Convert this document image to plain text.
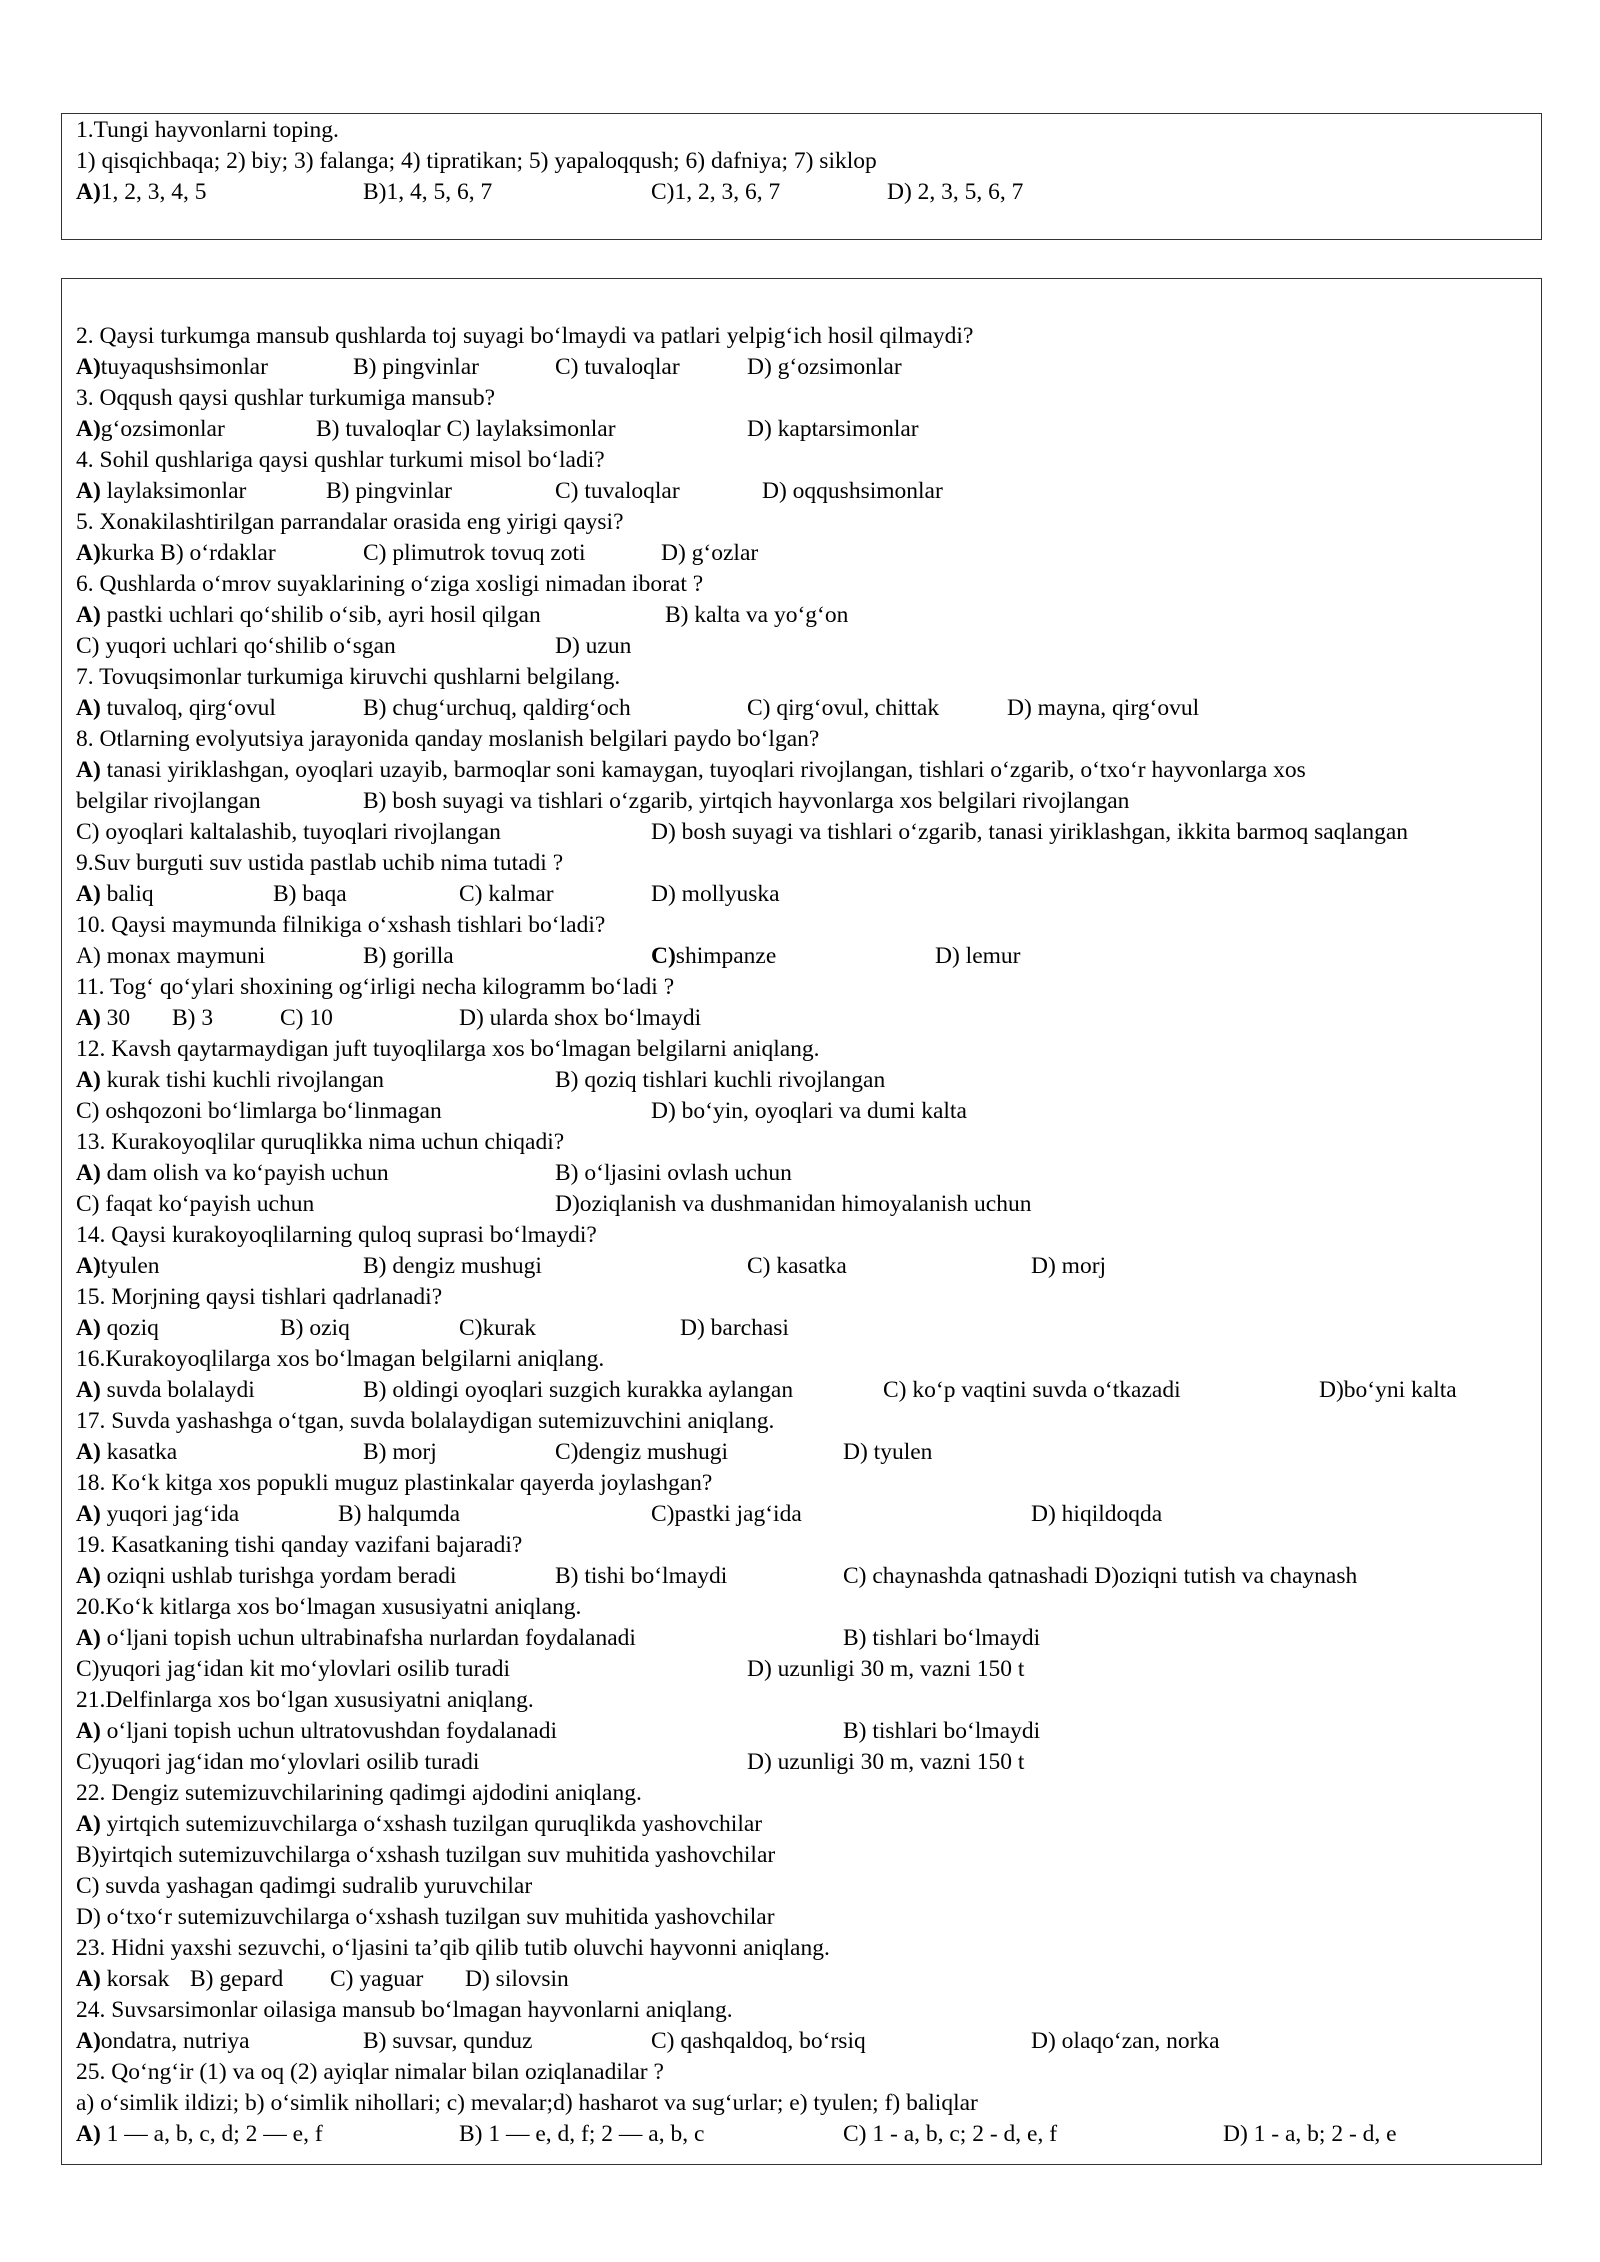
1.Tungi hayvonlarni toping.
1) qisqichbaqa; 2) biy; 3) falanga; 4) tipratikan; 5) yapaloqqush; 6) dafniya; 7) siklop
A)1, 2, 3, 4, 5	B)1, 4, 5, 6, 7	C)1, 2, 3, 6, 7	D) 2, 3, 5, 6, 7
2. Qaysi turkumga mansub qushlarda toj suyagi bo‘lmaydi va patlari yelpig‘ich hosil qilmaydi?
A)tuyaqushsimonlar	B) pingvinlar	C) tuvaloqlar	D) g‘ozsimonlar
3. Oqqush qaysi qushlar turkumiga mansub?
A)g‘ozsimonlar	B) tuvaloqlar C) laylaksimonlar	D) kaptarsimonlar
4. Sohil qushlariga qaysi qushlar turkumi misol bo‘ladi?
A) laylaksimonlar	B) pingvinlar	C) tuvaloqlar	D) oqqushsimonlar
5. Xonakilashtirilgan parrandalar orasida eng yirigi qaysi?
A)kurka B) o‘rdaklar	C) plimutrok tovuq zoti	D) g‘ozlar
6. Qushlarda o‘mrov suyaklarining o‘ziga xosligi nimadan iborat ?
A) pastki uchlari qo‘shilib o‘sib, ayri hosil qilgan	B) kalta va yo‘g‘on
C) yuqori uchlari qo‘shilib o‘sgan	D) uzun
7. Tovuqsimonlar turkumiga kiruvchi qushlarni belgilang.
A) tuvaloq, qirg‘ovul	B) chug‘urchuq, qaldirg‘och	C) qirg‘ovul, chittak	D) mayna, qirg‘ovul
8. Otlarning evolyutsiya jarayonida qanday moslanish belgilari paydo bo‘lgan?
A) tanasi yiriklashgan, oyoqlari uzayib, barmoqlar soni kamaygan, tuyoqlari rivojlangan, tishlari o‘zgarib, o‘txo‘r hayvonlarga xos
belgilar rivojlangan	B) bosh suyagi va tishlari o‘zgarib, yirtqich hayvonlarga xos belgilari rivojlangan
C) oyoqlari kaltalashib, tuyoqlari rivojlangan	D) bosh suyagi va tishlari o‘zgarib, tanasi yiriklashgan, ikkita barmoq saqlangan
9.Suv burguti suv ustida pastlab uchib nima tutadi ?
A) baliq	B) baqa	C) kalmar	D) mollyuska
10. Qaysi maymunda filnikiga o‘xshash tishlari bo‘ladi?
A) monax maymuni	B) gorilla	C)shimpanze	D) lemur
11. Tog‘ qo‘ylari shoxining og‘irligi necha kilogramm bo‘ladi ?
A) 30 B) 3	C) 10	D) ularda shox bo‘lmaydi
12. Kavsh qaytarmaydigan juft tuyoqlilarga xos bo‘lmagan belgilarni aniqlang.
A) kurak tishi kuchli rivojlangan	B) qoziq tishlari kuchli rivojlangan
C) oshqozoni bo‘limlarga bo‘linmagan	D) bo‘yin, oyoqlari va dumi kalta
13. Kurakoyoqlilar quruqlikka nima uchun chiqadi?
A) dam olish va ko‘payish uchun	B) o‘ljasini ovlash uchun
C) faqat ko‘payish uchun	D)oziqlanish va dushmanidan himoyalanish uchun
14. Qaysi kurakoyoqlilarning quloq suprasi bo‘lmaydi?
A)tyulen	B) dengiz mushugi	C) kasatka	D) morj
15. Morjning qaysi tishlari qadrlanadi?
A) qoziq	B) oziq	C)kurak	D) barchasi
16.Kurakoyoqlilarga xos bo‘lmagan belgilarni aniqlang.
A) suvda bolalaydi	B) oldingi oyoqlari suzgich kurakka aylangan	C) ko‘p vaqtini suvda o‘tkazadi	D)bo‘yni kalta
17. Suvda yashashga o‘tgan, suvda bolalaydigan sutemizuvchini aniqlang.
A) kasatka	B) morj	C)dengiz mushugi	D) tyulen
18. Ko‘k kitga xos popukli muguz plastinkalar qayerda joylashgan?
A) yuqori jag‘ida	B) halqumda	C)pastki jag‘ida	D) hiqildoqda
19. Kasatkaning tishi qanday vazifani bajaradi?
A) oziqni ushlab turishga yordam beradi	B) tishi bo‘lmaydi	C) chaynashda qatnashadi D)oziqni tutish va chaynash
20.Ko‘k kitlarga xos bo‘lmagan xususiyatni aniqlang.
A) o‘ljani topish uchun ultrabinafsha nurlardan foydalanadi	B) tishlari bo‘lmaydi
C)yuqori jag‘idan kit mo‘ylovlari osilib turadi	D) uzunligi 30 m, vazni 150 t
21.Delfinlarga xos bo‘lgan xususiyatni aniqlang.
A) o‘ljani topish uchun ultratovushdan foydalanadi	B) tishlari bo‘lmaydi
C)yuqori jag‘idan mo‘ylovlari osilib turadi	D) uzunligi 30 m, vazni 150 t
22. Dengiz sutemizuvchilarining qadimgi ajdodini aniqlang.
A) yirtqich sutemizuvchilarga o‘xshash tuzilgan quruqlikda yashovchilar
B)yirtqich sutemizuvchilarga o‘xshash tuzilgan suv muhitida yashovchilar
C) suvda yashagan qadimgi sudralib yuruvchilar
D) o‘txo‘r sutemizuvchilarga o‘xshash tuzilgan suv muhitida yashovchilar
23. Hidni yaxshi sezuvchi, o‘ljasini ta’qib qilib tutib oluvchi hayvonni aniqlang.
A) korsak B) gepard C) yaguar D) silovsin
24. Suvsarsimonlar oilasiga mansub bo‘lmagan hayvonlarni aniqlang.
A)ondatra, nutriya	B) suvsar, qunduz	C) qashqaldoq, bo‘rsiq	D) olaqo‘zan, norka
25. Qo‘ng‘ir (1) va oq (2) ayiqlar nimalar bilan oziqlanadilar ?
a) o‘simlik ildizi; b) o‘simlik nihollari; c) mevalar;d) hasharot va sug‘urlar; e) tyulen; f) baliqlar
A) 1 — a, b, c, d; 2 — e, f	B) 1 — e, d, f; 2 — a, b, c	C) 1 - a, b, c; 2 - d, e, f	D) 1 - a, b; 2 - d, e
